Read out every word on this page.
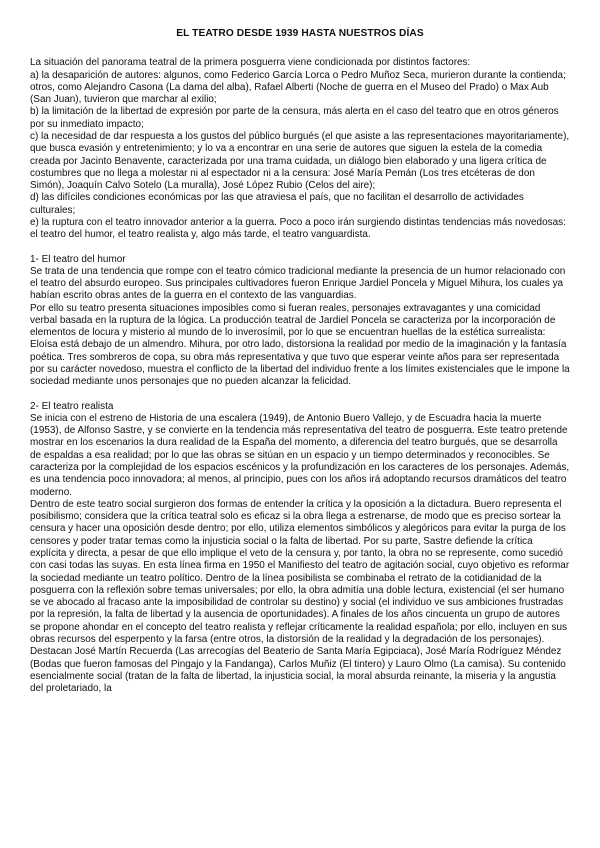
EL TEATRO DESDE 1939 HASTA NUESTROS DÍAS

La situación del panorama teatral de la primera posguerra viene condicionada por distintos factores:

a) la desaparición de autores: algunos, como Federico García Lorca o Pedro Muñoz Seca, murieron durante la contienda; otros, como Alejandro Casona (La dama del alba), Rafael Alberti (Noche de guerra en el Museo del Prado) o Max Aub (San Juan), tuvieron que marchar al exilio;

b) la limitación de la libertad de expresión por parte de la censura, más alerta en el caso del teatro que en otros géneros por su inmediato impacto;

c) la necesidad de dar respuesta a los gustos del público burgués (el que asiste a las representaciones mayoritariamente), que busca evasión y entretenimiento; y lo va a encontrar en una serie de autores que siguen la estela de la comedia creada por Jacinto Benavente, caracterizada por una trama cuidada, un diálogo bien elaborado y una ligera crítica de costumbres que no llega a molestar ni al espectador ni a la censura: José María Pemán (Los tres etcéteras de don Simón), Joaquín Calvo Sotelo (La muralla), José López Rubio (Celos del aire);

d) las difíciles condiciones económicas por las que atraviesa el país, que no facilitan el desarrollo de actividades culturales;

e) la ruptura con el teatro innovador anterior a la guerra. Poco a poco irán surgiendo distintas tendencias más novedosas: el teatro del humor, el teatro realista y, algo más tarde, el teatro vanguardista.

1- El teatro del humor

Se trata de una tendencia que rompe con el teatro cómico tradicional mediante la presencia de un humor relacionado con el teatro del absurdo europeo. Sus principales cultivadores fueron Enrique Jardiel Poncela y Miguel Mihura, los cuales ya habían escrito obras antes de la guerra en el contexto de las vanguardias.

Por ello su teatro presenta situaciones imposibles como si fueran reales, personajes extravagantes y una comicidad verbal basada en la ruptura de la lógica. La producción teatral de Jardiel Poncela se caracteriza por la incorporación de elementos de locura y misterio al mundo de lo inverosímil, por lo que se encuentran huellas de la estética surrealista: Eloísa está debajo de un almendro. Mihura, por otro lado, distorsiona la realidad por medio de la imaginación y la fantasía poética. Tres sombreros de copa, su obra más representativa y que tuvo que esperar veinte años para ser representada por su carácter novedoso, muestra el conflicto de la libertad del individuo frente a los límites existenciales que le impone la sociedad mediante unos personajes que no pueden alcanzar la felicidad.

2- El teatro realista

Se inicia con el estreno de Historia de una escalera (1949), de Antonio Buero Vallejo, y de Escuadra hacia la muerte (1953), de Alfonso Sastre, y se convierte en la tendencia más representativa del teatro de posguerra. Este teatro pretende mostrar en los escenarios la dura realidad de la España del momento, a diferencia del teatro burgués, que se desarrolla de espaldas a esa realidad; por lo que las obras se sitúan en un espacio y un tiempo determinados y reconocibles. Se caracteriza por la complejidad de los espacios escénicos y la profundización en los caracteres de los personajes. Además, es una tendencia poco innovadora; al menos, al principio, pues con los años irá adoptando recursos dramáticos del teatro moderno.

Dentro de este teatro social surgieron dos formas de entender la crítica y la oposición a la dictadura. Buero representa el posibilismo; considera que la crítica teatral solo es eficaz si la obra llega a estrenarse, de modo que es preciso sortear la censura y hacer una oposición desde dentro; por ello, utiliza elementos simbólicos y alegóricos para evitar la purga de los censores y poder tratar temas como la injusticia social o la falta de libertad. Por su parte, Sastre defiende la crítica explícita y directa, a pesar de que ello implique el veto de la censura y, por tanto, la obra no se represente, como sucedió con casi todas las suyas. En esta línea firma en 1950 el Manifiesto del teatro de agitación social, cuyo objetivo es reformar la sociedad mediante un teatro político. Dentro de la línea posibilista se combinaba el retrato de la cotidianidad de la posguerra con la reflexión sobre temas universales; por ello, la obra admitía una doble lectura, existencial (el ser humano se ve abocado al fracaso ante la imposibilidad de controlar su destino) y social (el individuo ve sus ambiciones frustradas por la represión, la falta de libertad y la ausencia de oportunidades). A finales de los años cincuenta un grupo de autores se propone ahondar en el concepto del teatro realista y reflejar críticamente la realidad española; por ello, incluyen en sus obras recursos del esperpento y la farsa (entre otros, la distorsión de la realidad y la degradación de los personajes). Destacan José Martín Recuerda (Las arrecogías del Beaterio de Santa María Egipciaca), José María Rodríguez Méndez (Bodas que fueron famosas del Pingajo y la Fandanga), Carlos Muñiz (El tintero) y Lauro Olmo (La camisa). Su contenido esencialmente social (tratan de la falta de libertad, la injusticia social, la moral absurda reinante, la miseria y la angustia del proletariado, la
